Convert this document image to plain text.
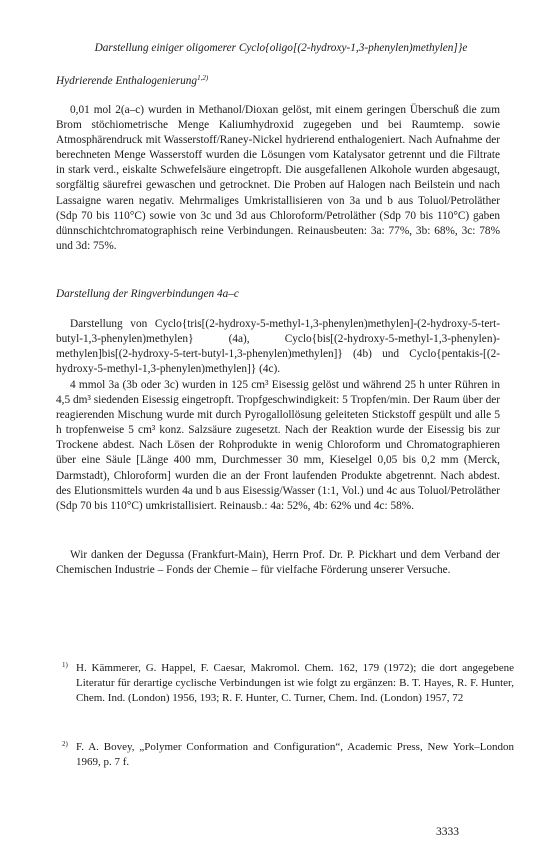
Darstellung einiger oligomerer Cyclo{oligo[(2-hydroxy-1,3-phenylen)methylen]}e
Hydrierende Enthalogenierung$^{1,2)}$

0,01 mol 2(a–c) wurden in Methanol/Dioxan gelöst, mit einem geringen Überschuß die zum Brom stöchiometrische Menge Kaliumhydroxid zugegeben und bei Raumtemp. sowie Atmosphärendruck mit Wasserstoff/Raney-Nickel hydrierend enthalogeniert. Nach Aufnahme der berechneten Menge Wasserstoff wurden die Lösungen vom Katalysator getrennt und die Filtrate in stark verd., eiskalte Schwefelsäure eingetropft. Die ausgefallenen Alkohole wurden abgesaugt, sorgfältig säurefrei gewaschen und getrocknet. Die Proben auf Halogen nach Beilstein und nach Lassaigne waren negativ. Mehrmaliges Umkristallisieren von 3a und b aus Toluol/Petroläther (Sdp 70 bis 110°C) sowie von 3c und 3d aus Chloroform/Petroläther (Sdp 70 bis 110°C) gaben dünnschichtchromatographisch reine Verbindungen. Reinausbeuten: 3a: 77%, 3b: 68%, 3c: 78% und 3d: 75%.

Darstellung der Ringverbindungen 4a–c

Darstellung von Cyclo{tris[(2-hydroxy-5-methyl-1,3-phenylen)methylen]-(2-hydroxy-5-tert-butyl-1,3-phenylen)methylen} (4a), Cyclo{bis[(2-hydroxy-5-methyl-1,3-phenylen)-methylen]bis[(2-hydroxy-5-tert-butyl-1,3-phenylen)methylen]} (4b) und Cyclo{pentakis-[(2-hydroxy-5-methyl-1,3-phenylen)methylen]} (4c).

4 mmol 3a (3b oder 3c) wurden in 125 cm³ Eisessig gelöst und während 25 h unter Rühren in 4,5 dm³ siedenden Eisessig eingetropft. Tropfgeschwindigkeit: 5 Tropfen/min. Der Raum über der reagierenden Mischung wurde mit durch Pyrogallollösung geleiteten Stickstoff gespült und alle 5 h tropfenweise 5 cm³ konz. Salzsäure zugesetzt. Nach der Reaktion wurde der Eisessig bis zur Trockene abdest. Nach Lösen der Rohprodukte in wenig Chloroform und Chromatographieren über eine Säule [Länge 400 mm, Durchmesser 30 mm, Kieselgel 0,05 bis 0,2 mm (Merck, Darmstadt), Chloroform] wurden die an der Front laufenden Produkte abgetrennt. Nach abdest. des Elutionsmittels wurden 4a und b aus Eisessig/Wasser (1:1, Vol.) und 4c aus Toluol/Petroläther (Sdp 70 bis 110°C) umkristallisiert. Reinausb.: 4a: 52%, 4b: 62% und 4c: 58%.

Wir danken der Degussa (Frankfurt-Main), Herrn Prof. Dr. P. Pickhart und dem Verband der Chemischen Industrie – Fonds der Chemie – für vielfache Förderung unserer Versuche.

1) H. Kämmerer, G. Happel, F. Caesar, Makromol. Chem. 162, 179 (1972); die dort angegebene Literatur für derartige cyclische Verbindungen ist wie folgt zu ergänzen: B. T. Hayes, R. F. Hunter, Chem. Ind. (London) 1956, 193; R. F. Hunter, C. Turner, Chem. Ind. (London) 1957, 72

2) F. A. Bovey, „Polymer Conformation and Configuration“, Academic Press, New York–London 1969, p. 7 f.

3333
